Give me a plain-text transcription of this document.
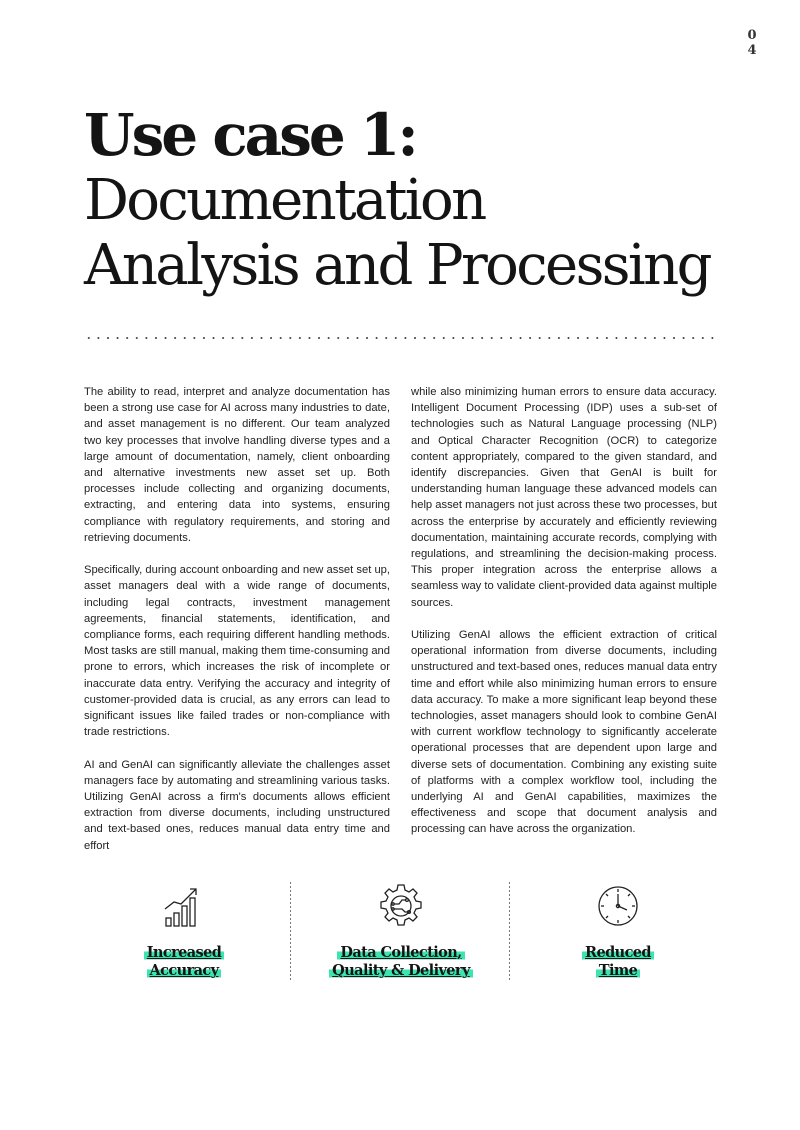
0
4
Use case 1:
Documentation
Analysis and Processing

The ability to read, interpret and analyze documentation has been a strong use case for AI across many industries to date, and asset management is no different. Our team analyzed two key processes that involve handling diverse types and a large amount of documentation, namely, client onboarding and alternative investments new asset set up. Both processes include collecting and organizing documents, extracting, and entering data into systems, ensuring compliance with regulatory requirements, and storing and retrieving documents.

Specifically, during account onboarding and new asset set up, asset managers deal with a wide range of documents, including legal contracts, investment management agreements, financial statements, identification, and compliance forms, each requiring different handling methods. Most tasks are still manual, making them time-consuming and prone to errors, which increases the risk of incomplete or inaccurate data entry. Verifying the accuracy and integrity of customer-provided data is crucial, as any errors can lead to significant issues like failed trades or non-compliance with trade restrictions.

AI and GenAI can significantly alleviate the challenges asset managers face by automating and streamlining various tasks. Utilizing GenAI across a firm's documents allows efficient extraction from diverse documents, including unstructured and text-based ones, reduces manual data entry time and effort

while also minimizing human errors to ensure data accuracy. Intelligent Document Processing (IDP) uses a sub-set of technologies such as Natural Language processing (NLP) and Optical Character Recognition (OCR) to categorize content appropriately, compared to the given standard, and identify discrepancies. Given that GenAI is built for understanding human language these advanced models can help asset managers not just across these two processes, but across the enterprise by accurately and efficiently reviewing documentation, maintaining accurate records, complying with regulations, and streamlining the decision-making process. This proper integration across the enterprise allows a seamless way to validate client-provided data against multiple sources.

Utilizing GenAI allows the efficient extraction of critical operational information from diverse documents, including unstructured and text-based ones, reduces manual data entry time and effort while also minimizing human errors to ensure data accuracy. To make a more significant leap beyond these technologies, asset managers should look to combine GenAI with current workflow technology to significantly accelerate operational processes that are dependent upon large and diverse sets of documentation. Combining any existing suite of platforms with a complex workflow tool, including the underlying AI and GenAI capabilities, maximizes the effectiveness and scope that document analysis and processing can have across the organization.

Increased
Accuracy
Data Collection,
Quality & Delivery
Reduced
Time
